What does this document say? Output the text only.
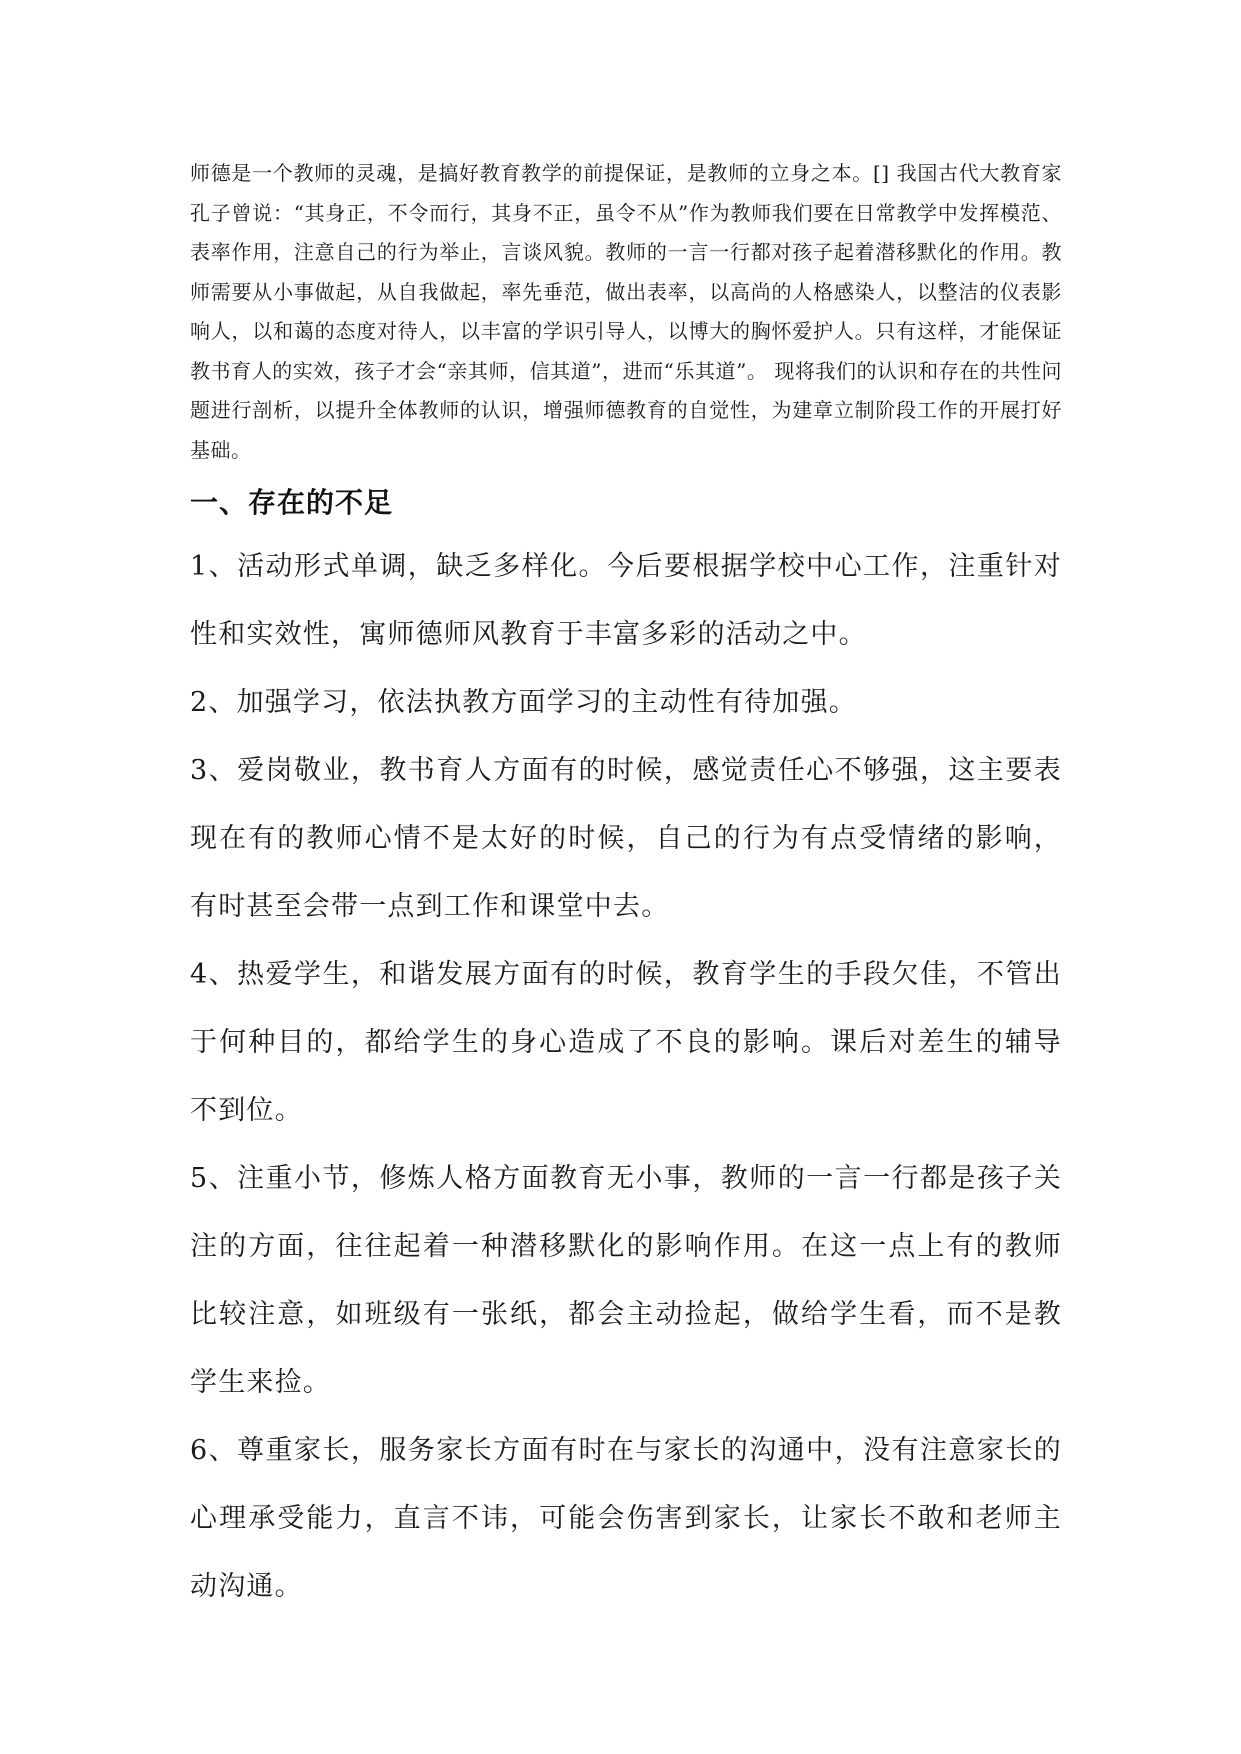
师德是一个教师的灵魂，是搞好教育教学的前提保证，是教师的立身之本。[] 我国古代大教育家孔子曾说：“其身正，不令而行，其身不正，虽令不从”作为教师我们要在日常教学中发挥模范、表率作用，注意自己的行为举止，言谈风貌。教师的一言一行都对孩子起着潜移默化的作用。教师需要从小事做起，从自我做起，率先垂范，做出表率，以高尚的人格感染人，以整洁的仪表影响人，以和蔼的态度对待人，以丰富的学识引导人，以博大的胸怀爱护人。只有这样，才能保证教书育人的实效，孩子才会“亲其师，信其道”，进而“乐其道”。 现将我们的认识和存在的共性问题进行剖析，以提升全体教师的认识，增强师德教育的自觉性，为建章立制阶段工作的开展打好基础。

一、存在的不足

1、活动形式单调，缺乏多样化。今后要根据学校中心工作，注重针对性和实效性，寓师德师风教育于丰富多彩的活动之中。

2、加强学习，依法执教方面学习的主动性有待加强。

3、爱岗敬业，教书育人方面有的时候，感觉责任心不够强，这主要表现在有的教师心情不是太好的时候，自己的行为有点受情绪的影响，有时甚至会带一点到工作和课堂中去。

4、热爱学生，和谐发展方面有的时候，教育学生的手段欠佳，不管出于何种目的，都给学生的身心造成了不良的影响。课后对差生的辅导不到位。

5、注重小节，修炼人格方面教育无小事，教师的一言一行都是孩子关注的方面，往往起着一种潜移默化的影响作用。在这一点上有的教师比较注意，如班级有一张纸，都会主动捡起，做给学生看，而不是教学生来捡。

6、尊重家长，服务家长方面有时在与家长的沟通中，没有注意家长的心理承受能力，直言不讳，可能会伤害到家长，让家长不敢和老师主动沟通。
